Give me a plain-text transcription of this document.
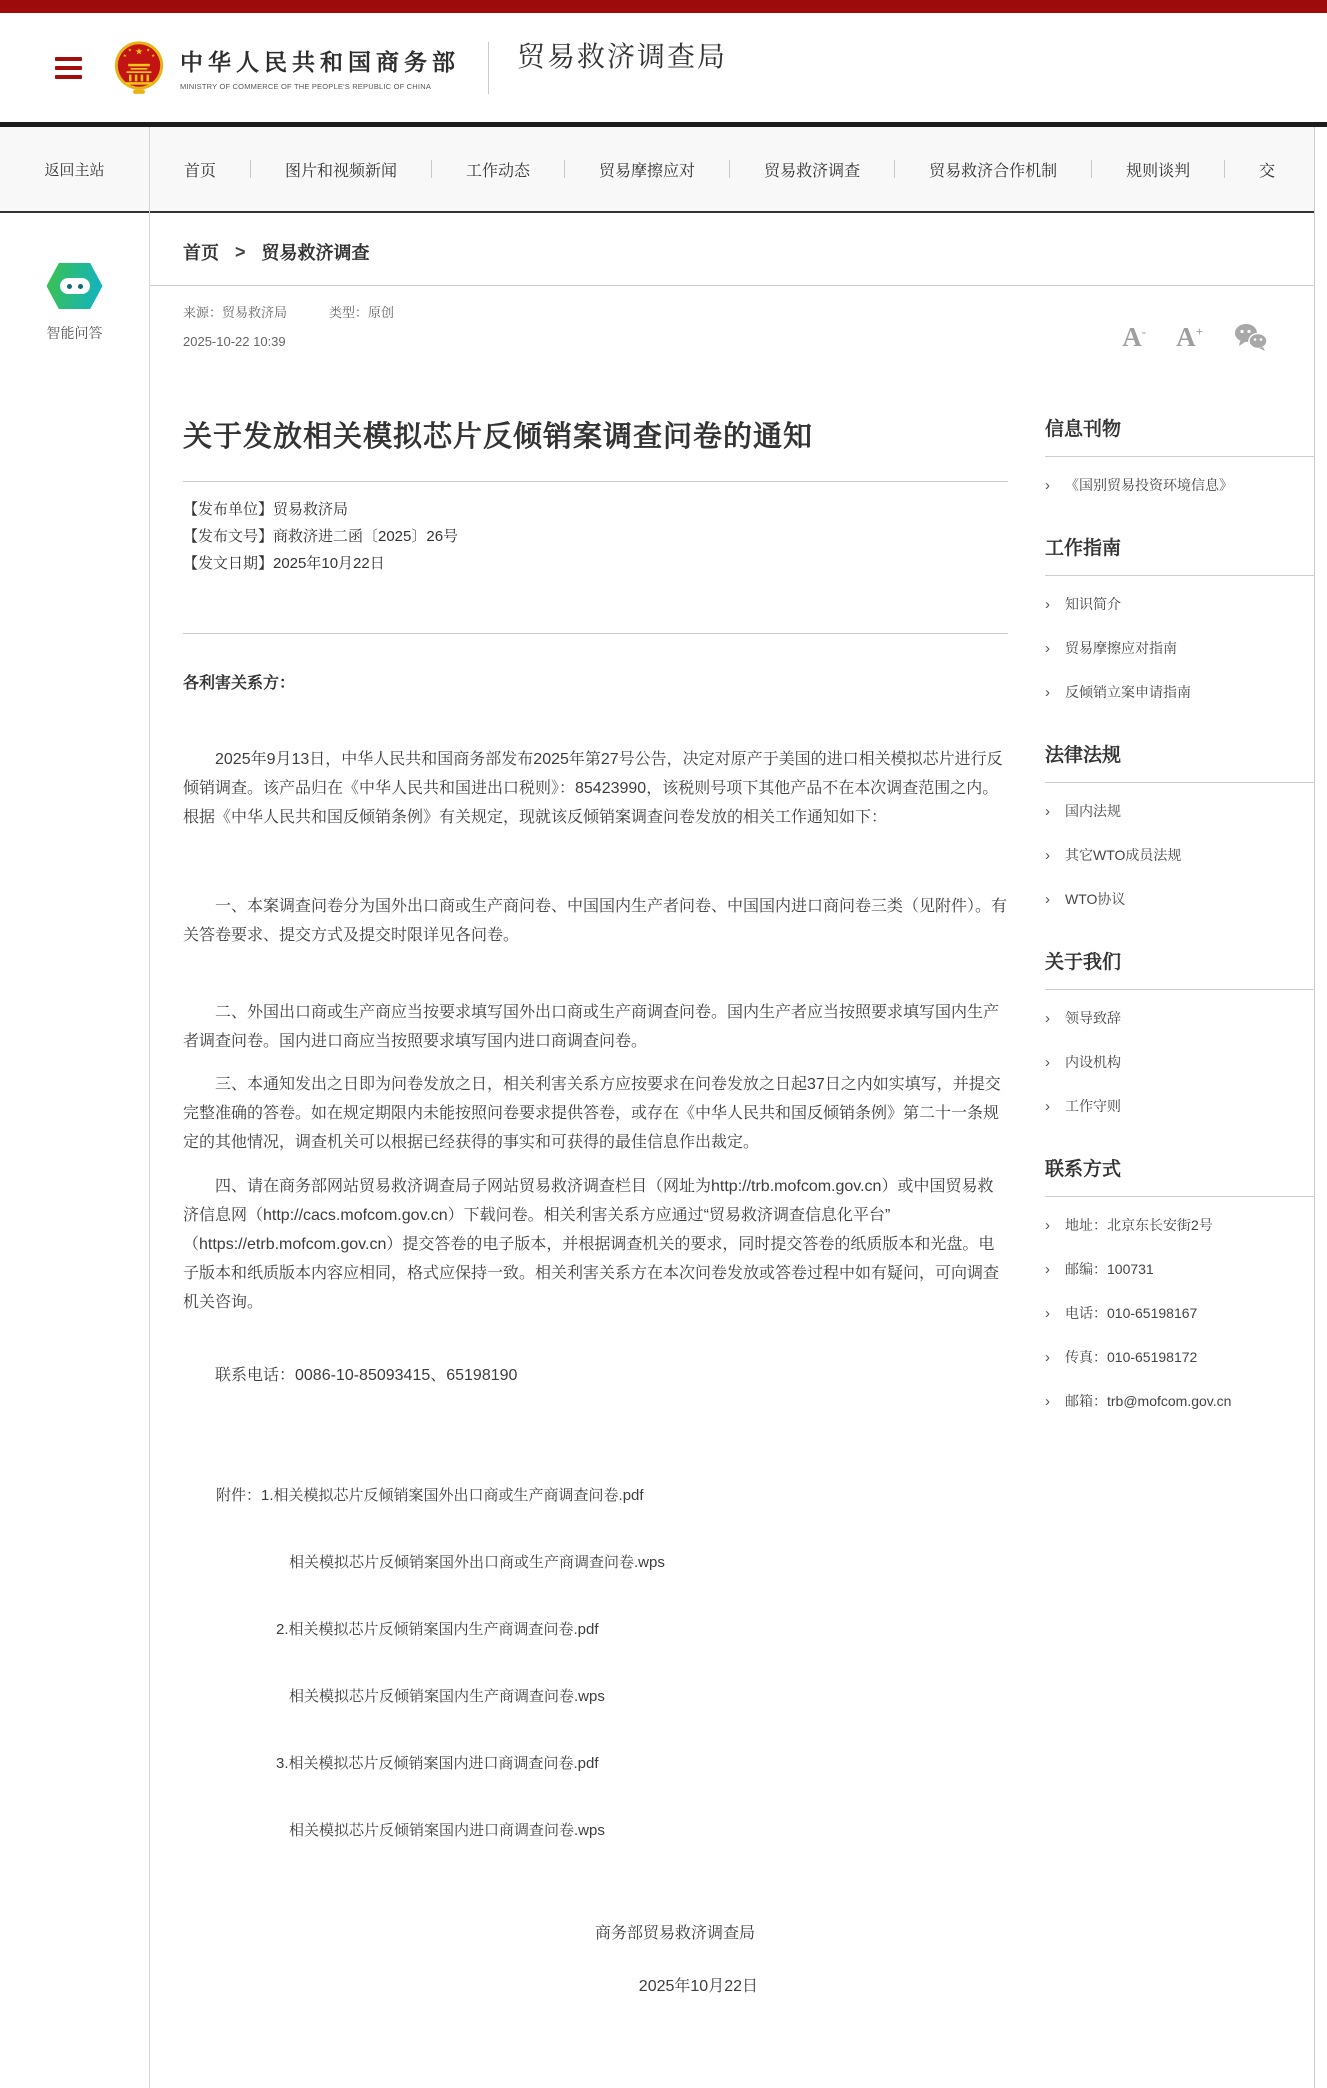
★
★	★
★	★ 中华人民共和国商务部
MINISTRY OF COMMERCE OF THE PEOPLE'S REPUBLIC OF CHINA
贸易救济调查局
返回主站
智能问答
首页	图片和视频新闻	工作动态	贸易摩擦应对	贸易救济调查	贸易救济合作机制	规则谈判	交
首页 > 贸易救济调查
来源：贸易救济局	类型：原创
2025-10-22 10:39	A- A+
关于发放相关模拟芯片反倾销案调查问卷的通知
【发布单位】贸易救济局
【发布文号】商救济进二函〔2025〕26号
【发文日期】2025年10月22日
各利害关系方：

2025年9月13日，中华人民共和国商务部发布2025年第27号公告，决定对原产于美国的进口相关模拟芯片进行反倾销调查。该产品归在《中华人民共和国进出口税则》：85423990，该税则号项下其他产品不在本次调查范围之内。根据《中华人民共和国反倾销条例》有关规定，现就该反倾销案调查问卷发放的相关工作通知如下：

一、本案调查问卷分为国外出口商或生产商问卷、中国国内生产者问卷、中国国内进口商问卷三类（见附件）。有关答卷要求、提交方式及提交时限详见各问卷。

二、外国出口商或生产商应当按要求填写国外出口商或生产商调查问卷。国内生产者应当按照要求填写国内生产者调查问卷。国内进口商应当按照要求填写国内进口商调查问卷。

三、本通知发出之日即为问卷发放之日，相关利害关系方应按要求在问卷发放之日起37日之内如实填写，并提交完整准确的答卷。如在规定期限内未能按照问卷要求提供答卷，或存在《中华人民共和国反倾销条例》第二十一条规定的其他情况，调查机关可以根据已经获得的事实和可获得的最佳信息作出裁定。

四、请在商务部网站贸易救济调查局子网站贸易救济调查栏目（网址为http://trb.mofcom.gov.cn）或中国贸易救济信息网（http://cacs.mofcom.gov.cn）下载问卷。相关利害关系方应通过“贸易救济调查信息化平台”（https://etrb.mofcom.gov.cn）提交答卷的电子版本，并根据调查机关的要求，同时提交答卷的纸质版本和光盘。电子版本和纸质版本内容应相同，格式应保持一致。相关利害关系方在本次问卷发放或答卷过程中如有疑问，可向调查机关咨询。

联系电话：0086-10-85093415、65198190
附件：1.相关模拟芯片反倾销案国外出口商或生产商调查问卷.pdf
相关模拟芯片反倾销案国外出口商或生产商调查问卷.wps
2.相关模拟芯片反倾销案国内生产商调查问卷.pdf
相关模拟芯片反倾销案国内生产商调查问卷.wps
3.相关模拟芯片反倾销案国内进口商调查问卷.pdf
相关模拟芯片反倾销案国内进口商调查问卷.wps
商务部贸易救济调查局
2025年10月22日
信息刊物
› 《国别贸易投资环境信息》
工作指南
› 知识简介
› 贸易摩擦应对指南
› 反倾销立案申请指南
法律法规
› 国内法规
› 其它WTO成员法规
› WTO协议
关于我们
› 领导致辞
› 内设机构
› 工作守则
联系方式
› 地址：北京东长安街2号
› 邮编：100731
› 电话：010-65198167
› 传真：010-65198172
› 邮箱：trb@mofcom.gov.cn
